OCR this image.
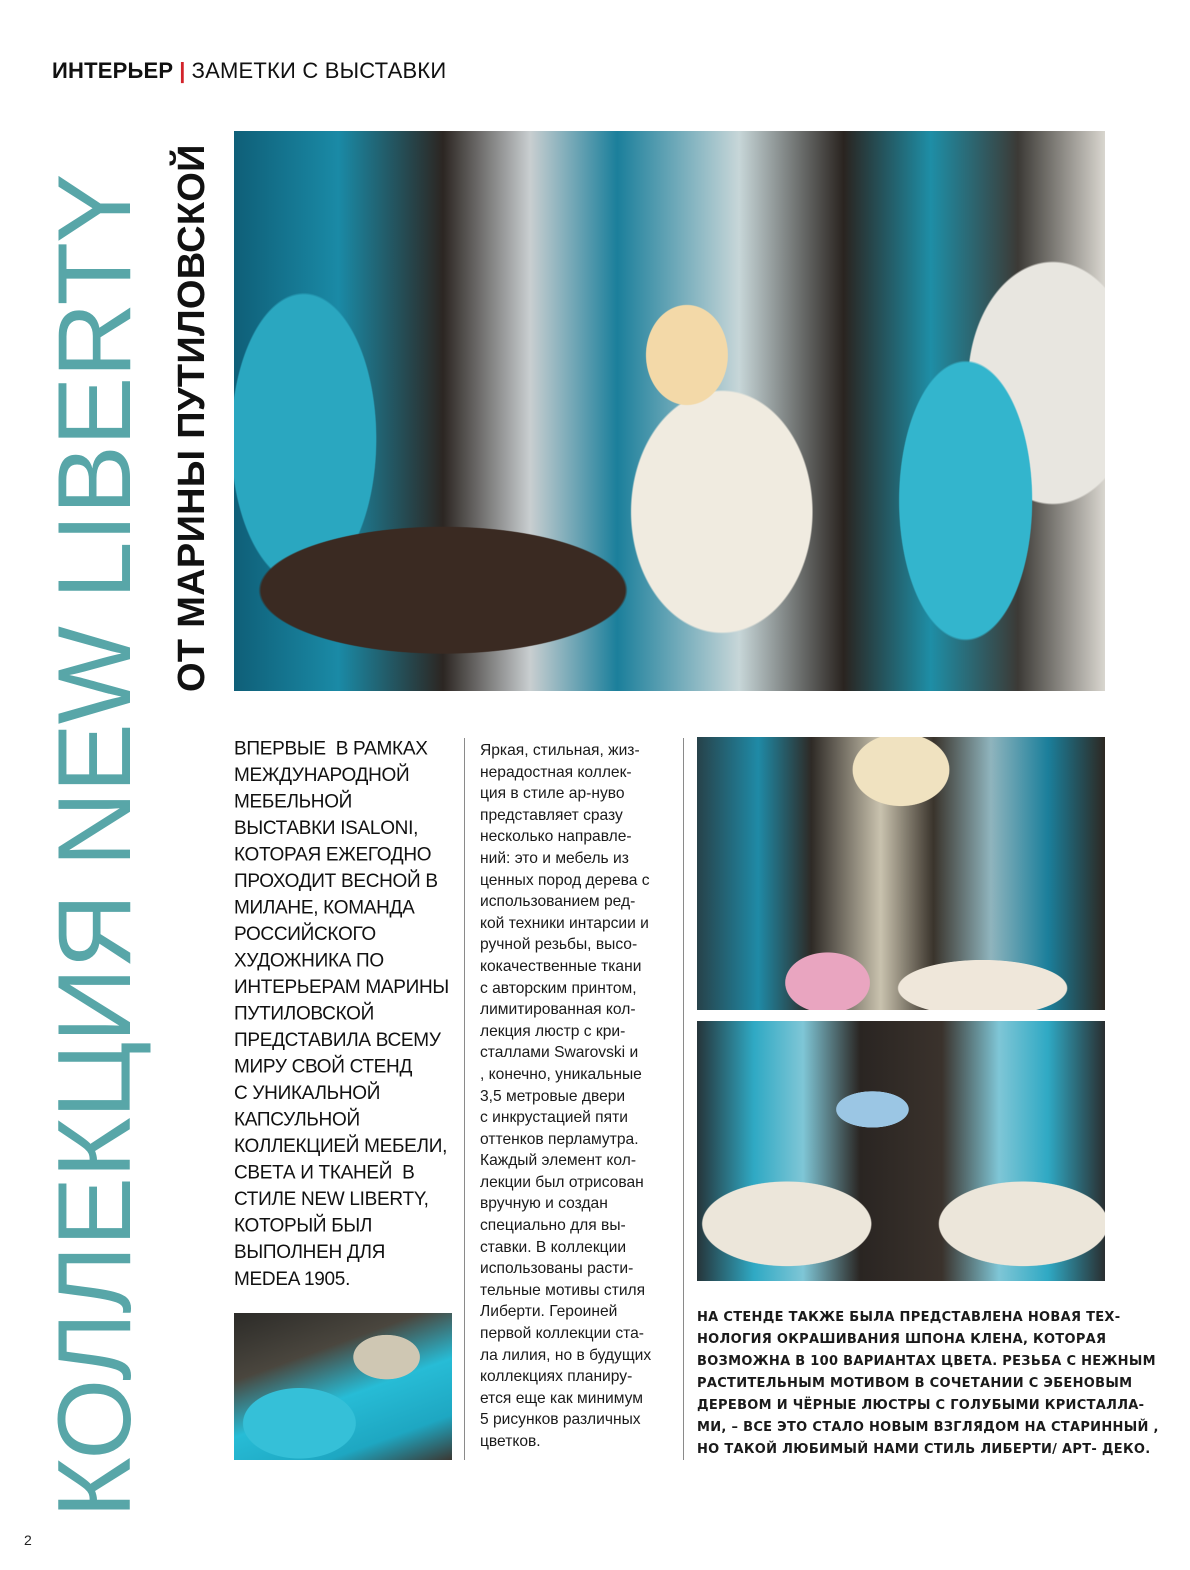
ИНТЕРЬЕР | ЗАМЕТКИ С ВЫСТАВКИ
КОЛЛЕКЦИЯ NEW LIBERTY ОТ МАРИНЫ ПУТИЛОВСКОЙ
ВПЕРВЫЕ  В РАМКАХ
МЕЖДУНАРОДНОЙ
МЕБЕЛЬНОЙ
ВЫСТАВКИ ISALONI,
КОТОРАЯ ЕЖЕГОДНО
ПРОХОДИТ ВЕСНОЙ В
МИЛАНЕ, КОМАНДА
РОССИЙСКОГО
ХУДОЖНИКА ПО
ИНТЕРЬЕРАМ МАРИНЫ
ПУТИЛОВСКОЙ
ПРЕДСТАВИЛА ВСЕМУ
МИРУ СВОЙ СТЕНД
С УНИКАЛЬНОЙ
КАПСУЛЬНОЙ
КОЛЛЕКЦИЕЙ МЕБЕЛИ,
СВЕТА И ТКАНЕЙ  В
СТИЛЕ NEW LIBERTY,
КОТОРЫЙ БЫЛ
ВЫПОЛНЕН ДЛЯ
MEDEA 1905.
Яркая, стильная, жиз-
нерадостная коллек-
ция в стиле ар-нуво
представляет сразу
несколько направле-
ний: это и мебель из
ценных пород дерева с
использованием ред-
кой техники интарсии и
ручной резьбы, высо-
кокачественные ткани
с авторским принтом,
лимитированная кол-
лекция люстр с кри-
сталлами Swarovski и
, конечно, уникальные
3,5 метровые двери
с инкрустацией пяти
оттенков перламутра.
Каждый элемент кол-
лекции был отрисован
вручную и создан
специально для вы-
ставки. В коллекции
использованы расти-
тельные мотивы стиля
Либерти. Героиней
первой коллекции ста-
ла лилия, но в будущих
коллекциях планиру-
ется еще как минимум
5 рисунков различных
цветков.
НА СТЕНДЕ ТАКЖЕ БЫЛА ПРЕДСТАВЛЕНА НОВАЯ ТЕХ-
НОЛОГИЯ ОКРАШИВАНИЯ ШПОНА КЛЕНА, КОТОРАЯ
ВОЗМОЖНА В 100 ВАРИАНТАХ ЦВЕТА. РЕЗЬБА С НЕЖНЫМ
РАСТИТЕЛЬНЫМ МОТИВОМ В СОЧЕТАНИИ С ЭБЕНОВЫМ
ДЕРЕВОМ И ЧЁРНЫЕ ЛЮСТРЫ С ГОЛУБЫМИ КРИСТАЛЛА-
МИ, – ВСЕ ЭТО СТАЛО НОВЫМ ВЗГЛЯДОМ НА СТАРИННЫЙ ,
НО ТАКОЙ ЛЮБИМЫЙ НАМИ СТИЛЬ ЛИБЕРТИ/ АРТ- ДЕКО.
2
